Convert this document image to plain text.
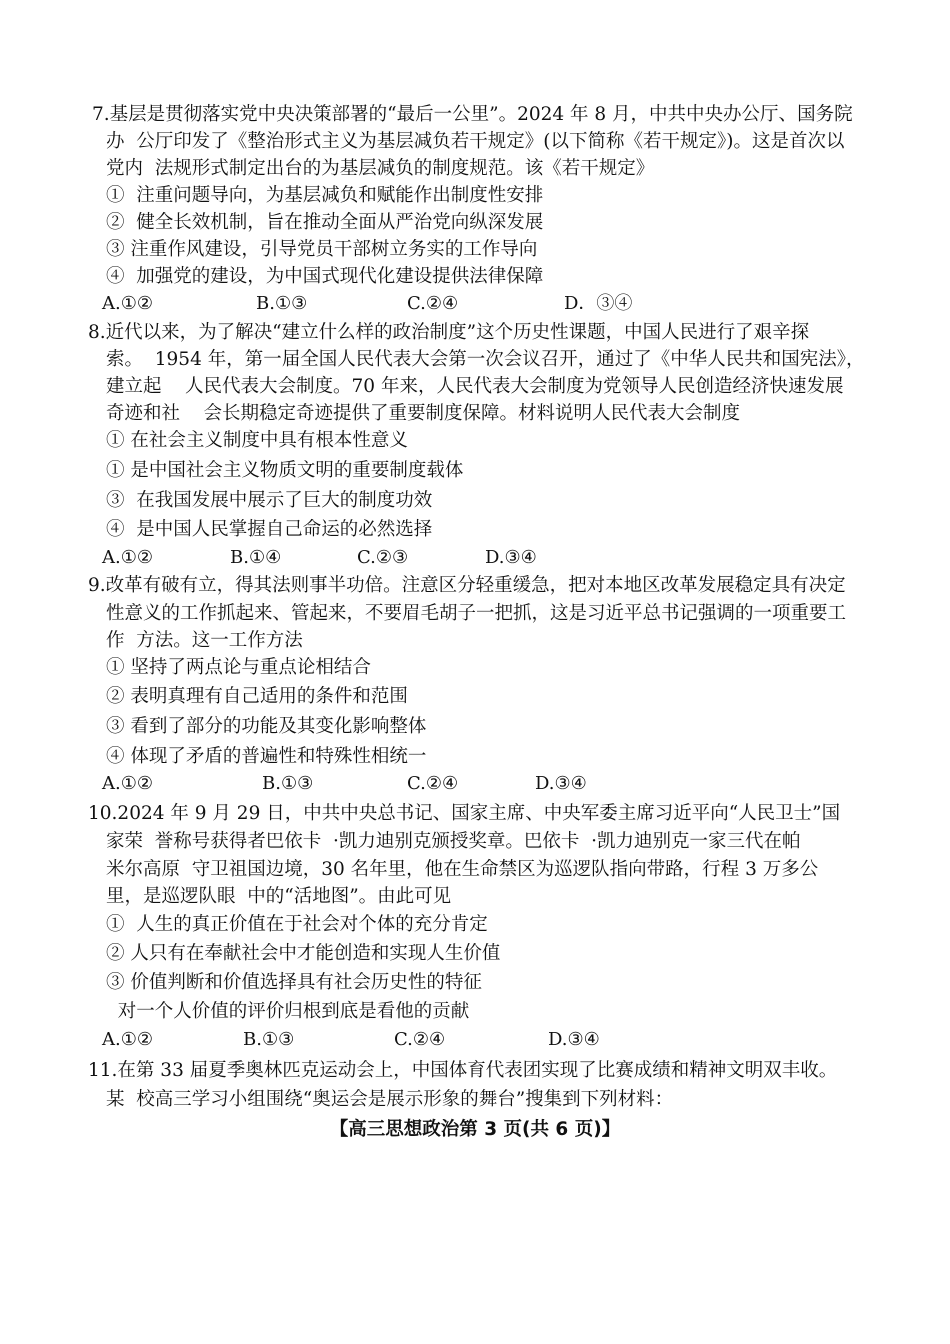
7.基层是贯彻落实党中央决策部署的“最后一公里”。2024 年 8 月，中共中央办公厅、国务院
办  公厅印发了《整治形式主义为基层减负若干规定》(以下简称《若干规定》)。这是首次以
党内  法规形式制定出台的为基层减负的制度规范。该《若干规定》
①  注重问题导向，为基层减负和赋能作出制度性安排
②  健全长效机制，旨在推动全面从严治党向纵深发展
③ 注重作风建设，引导党员干部树立务实的工作导向
④  加强党的建设，为中国式现代化建设提供法律保障
A.①②	B.①③	C.②④	D．③④
8.近代以来，为了解决“建立什么样的政治制度”这个历史性课题，中国人民进行了艰辛探
索。  1954 年，第一届全国人民代表大会第一次会议召开，通过了《中华人民共和国宪法》，
建立起    人民代表大会制度。70 年来，人民代表大会制度为党领导人民创造经济快速发展
奇迹和社    会长期稳定奇迹提供了重要制度保障。材料说明人民代表大会制度
① 在社会主义制度中具有根本性意义
① 是中国社会主义物质文明的重要制度载体
③  在我国发展中展示了巨大的制度功效
④  是中国人民掌握自己命运的必然选择
A.①②	B.①④	C.②③	D.③④
9.改革有破有立，得其法则事半功倍。注意区分轻重缓急，把对本地区改革发展稳定具有决定
性意义的工作抓起来、管起来，不要眉毛胡子一把抓，这是习近平总书记强调的一项重要工
作  方法。这一工作方法
① 坚持了两点论与重点论相结合
② 表明真理有自己适用的条件和范围
③ 看到了部分的功能及其变化影响整体
④ 体现了矛盾的普遍性和特殊性相统一
A.①②	B.①③	C.②④	D.③④
10.2024 年 9 月 29 日，中共中央总书记、国家主席、中央军委主席习近平向“人民卫士”国
家荣  誉称号获得者巴依卡  ·凯力迪别克颁授奖章。巴依卡  ·凯力迪别克一家三代在帕
米尔高原  守卫祖国边境，30 名年里，他在生命禁区为巡逻队指向带路，行程 3 万多公
里，是巡逻队眼  中的“活地图”。由此可见
①  人生的真正价值在于社会对个体的充分肯定
② 人只有在奉献社会中才能创造和实现人生价值
③ 价值判断和价值选择具有社会历史性的特征
对一个人价值的评价归根到底是看他的贡献
A.①②	B.①③	C.②④	D.③④
11.在第 33 届夏季奥林匹克运动会上，中国体育代表团实现了比赛成绩和精神文明双丰收。
某  校高三学习小组围绕“奥运会是展示形象的舞台”搜集到下列材料：
【高三思想政治第 3 页(共 6 页)】
